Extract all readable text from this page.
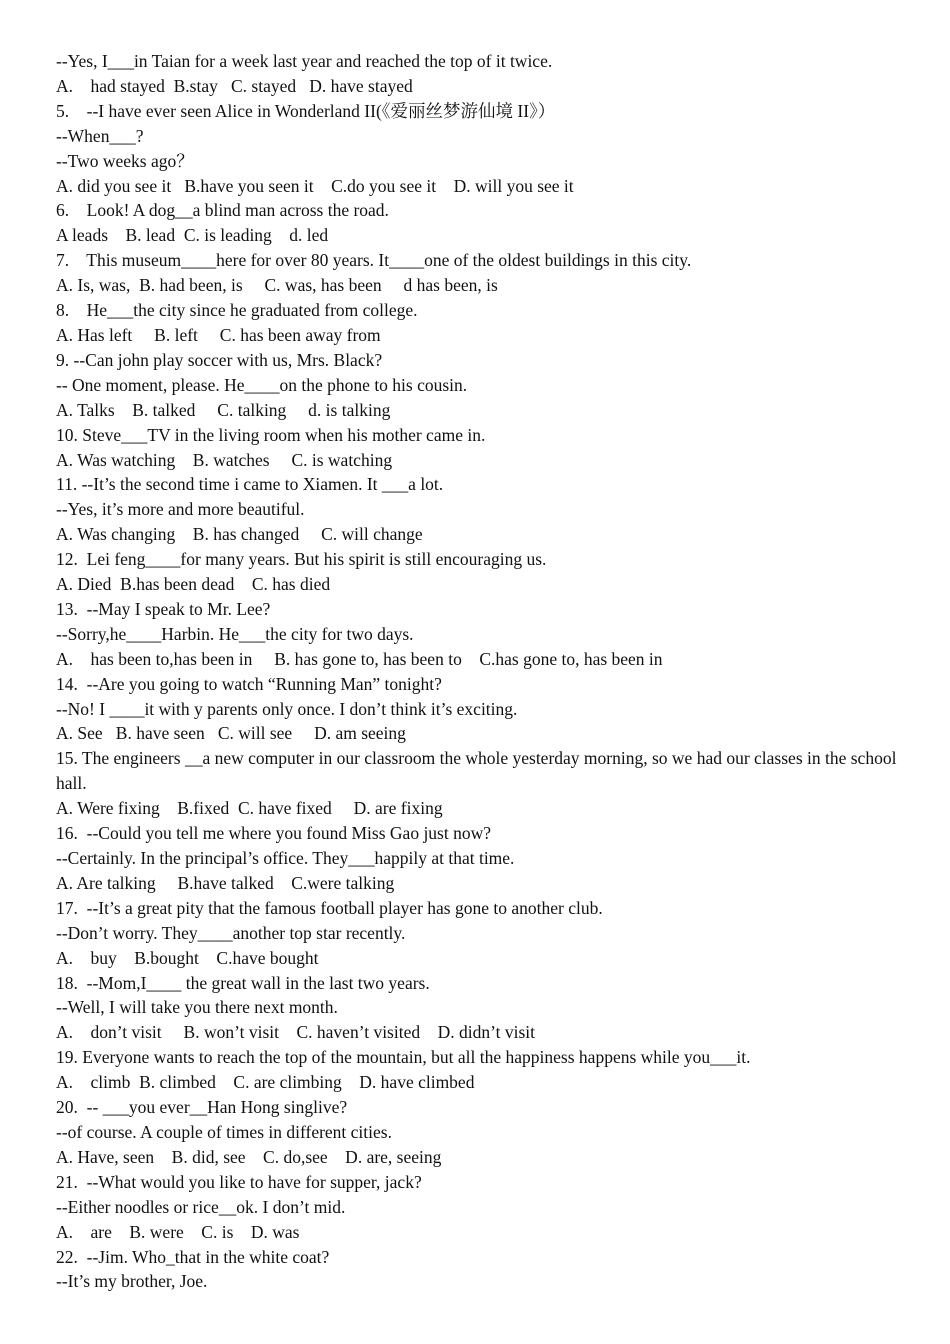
--Yes, I___in Taian for a week last year and reached the top of it twice.

A.    had stayed  B.stay   C. stayed   D. have stayed

5.    --I have ever seen Alice in Wonderland II(《爱丽丝梦游仙境 II》）

--When___?

--Two weeks ago？

A. did you see it   B.have you seen it    C.do you see it    D. will you see it

6.    Look! A dog__a blind man across the road.

A leads    B. lead  C. is leading    d. led

7.    This museum____here for over 80 years. It____one of the oldest buildings in this city.

A. Is, was,  B. had been, is     C. was, has been     d has been, is

8.    He___the city since he graduated from college.

A. Has left     B. left     C. has been away from

9. --Can john play soccer with us, Mrs. Black?

-- One moment, please. He____on the phone to his cousin.

A. Talks    B. talked     C. talking     d. is talking

10. Steve___TV in the living room when his mother came in.

A. Was watching    B. watches     C. is watching

11. --It’s the second time i came to Xiamen. It ___a lot.

--Yes, it’s more and more beautiful.

A. Was changing    B. has changed     C. will change

12.  Lei feng____for many years. But his spirit is still encouraging us.

A. Died  B.has been dead    C. has died

13.  --May I speak to Mr. Lee?

--Sorry,he____Harbin. He___the city for two days.

A.    has been to,has been in     B. has gone to, has been to    C.has gone to, has been in

14.  --Are you going to watch “Running Man” tonight?

--No! I ____it with y parents only once. I don’t think it’s exciting.

A. See   B. have seen   C. will see     D. am seeing

15. The engineers __a new computer in our classroom the whole yesterday morning, so we had our classes in the school hall.

A. Were fixing    B.fixed  C. have fixed     D. are fixing

16.  --Could you tell me where you found Miss Gao just now?

--Certainly. In the principal’s office. They___happily at that time.

A. Are talking     B.have talked    C.were talking

17.  --It’s a great pity that the famous football player has gone to another club.

--Don’t worry. They____another top star recently.

A.    buy    B.bought    C.have bought

18.  --Mom,I____ the great wall in the last two years.

--Well, I will take you there next month.

A.    don’t visit     B. won’t visit    C. haven’t visited    D. didn’t visit

19. Everyone wants to reach the top of the mountain, but all the happiness happens while you___it.

A.    climb  B. climbed    C. are climbing    D. have climbed

20.  -- ___you ever__Han Hong singlive?

--of course. A couple of times in different cities.

A. Have, seen    B. did, see    C. do,see    D. are, seeing

21.  --What would you like to have for supper, jack?

--Either noodles or rice__ok. I don’t mid.

A.    are    B. were    C. is    D. was

22.  --Jim. Who_that in the white coat?

--It’s my brother, Joe.
